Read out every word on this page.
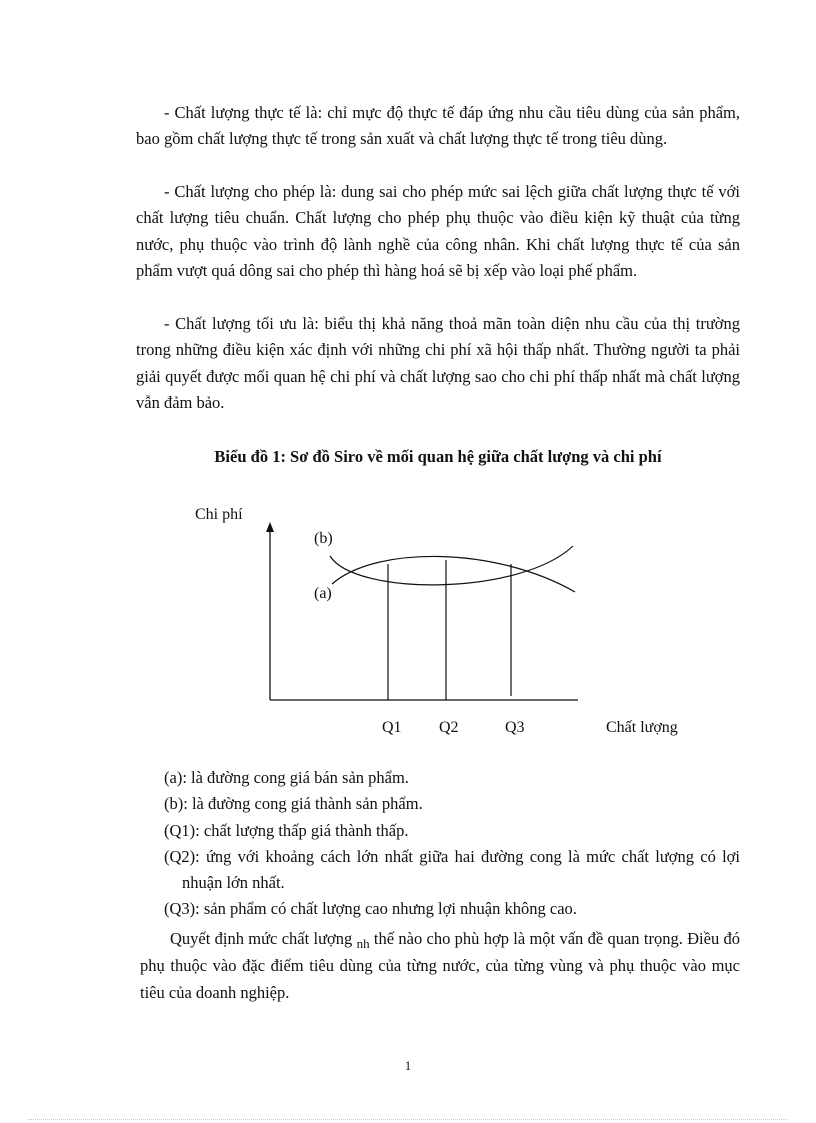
- Chất lượng thực tế là: chỉ mực độ thực tế đáp ứng nhu cầu tiêu dùng của sản phẩm, bao gồm chất lượng thực tế trong sản xuất và chất lượng thực tế trong tiêu dùng.

- Chất lượng cho phép là: dung sai cho phép mức sai lệch giữa chất lượng thực tế với chất lượng tiêu chuẩn. Chất lượng cho phép phụ thuộc vào điều kiện kỹ thuật của từng nước, phụ thuộc vào trình độ lành nghề của công nhân. Khi chất lượng thực tế của sản phẩm vượt quá dông sai cho phép thì hàng hoá sẽ bị xếp vào loại phế phẩm.

- Chất lượng tối ưu là: biểu thị khả năng thoả mãn toàn diện nhu cầu của thị trường trong những điều kiện xác định với những chi phí xã hội thấp nhất. Thường người ta phải giải quyết được mối quan hệ chi phí và chất lượng sao cho chi phí thấp nhất mà chất lượng vẫn đảm bảo.

Biểu đồ 1: Sơ đồ Siro về mối quan hệ giữa chất lượng và chi phí

Chi phí
(b)
(a)
Q1 Q2	Q3	Chất lượng
(a): là đường cong giá bán sản phẩm.
(b): là đường cong giá thành sản phẩm.
(Q1): chất lượng thấp giá thành thấp.
(Q2): ứng với khoảng cách lớn nhất giữa hai đường cong là mức chất lượng có lợi nhuận lớn nhất.
(Q3): sản phẩm có chất lượng cao nhưng lợi nhuận không cao.

Quyết định mức chất lượng $_{nh}$ thế nào cho phù hợp là một vấn đề quan trọng. Điều đó phụ thuộc vào đặc điểm tiêu dùng của từng nước, của từng vùng và phụ thuộc vào mục tiêu của doanh nghiệp.

1
